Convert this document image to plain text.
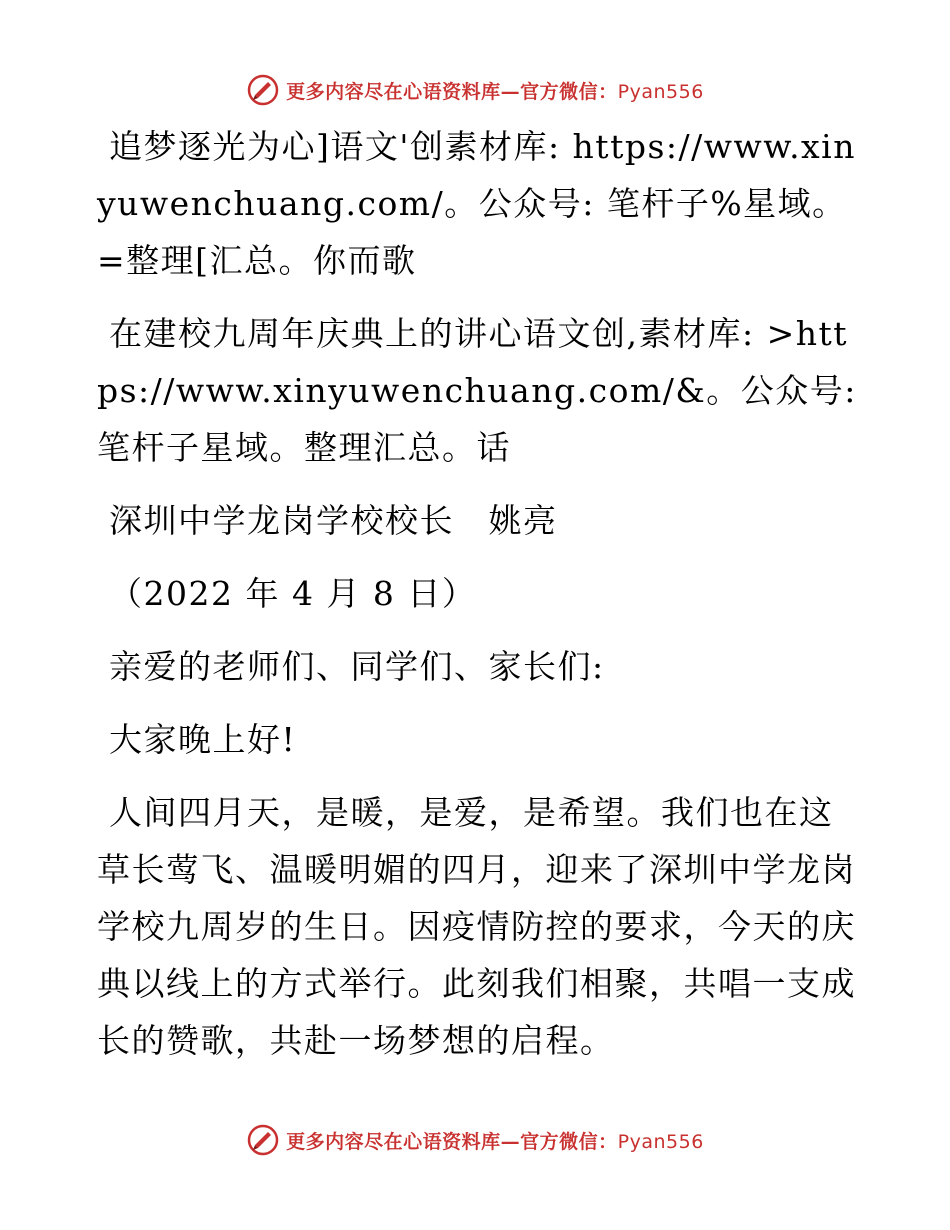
更多内容尽在心语资料库—官方微信：Pyan556

追梦逐光为心]语文'创素材库: https://www.xinyuwenchuang.com/。公众号: 笔杆子%星域。=整理[汇总。你而歌

在建校九周年庆典上的讲心语文创,素材库: >https://www.xinyuwenchuang.com/&。公众号: 笔杆子星域。整理汇总。话

深圳中学龙岗学校校长　姚亮

（2022 年 4 月 8 日）

亲爱的老师们、同学们、家长们:

大家晚上好!

人间四月天，是暖，是爱，是希望。我们也在这草长莺飞、温暖明媚的四月，迎来了深圳中学龙岗学校九周岁的生日。因疫情防控的要求，今天的庆典以线上的方式举行。此刻我们相聚，共唱一支成长的赞歌，共赴一场梦想的启程。

更多内容尽在心语资料库—官方微信：Pyan556
